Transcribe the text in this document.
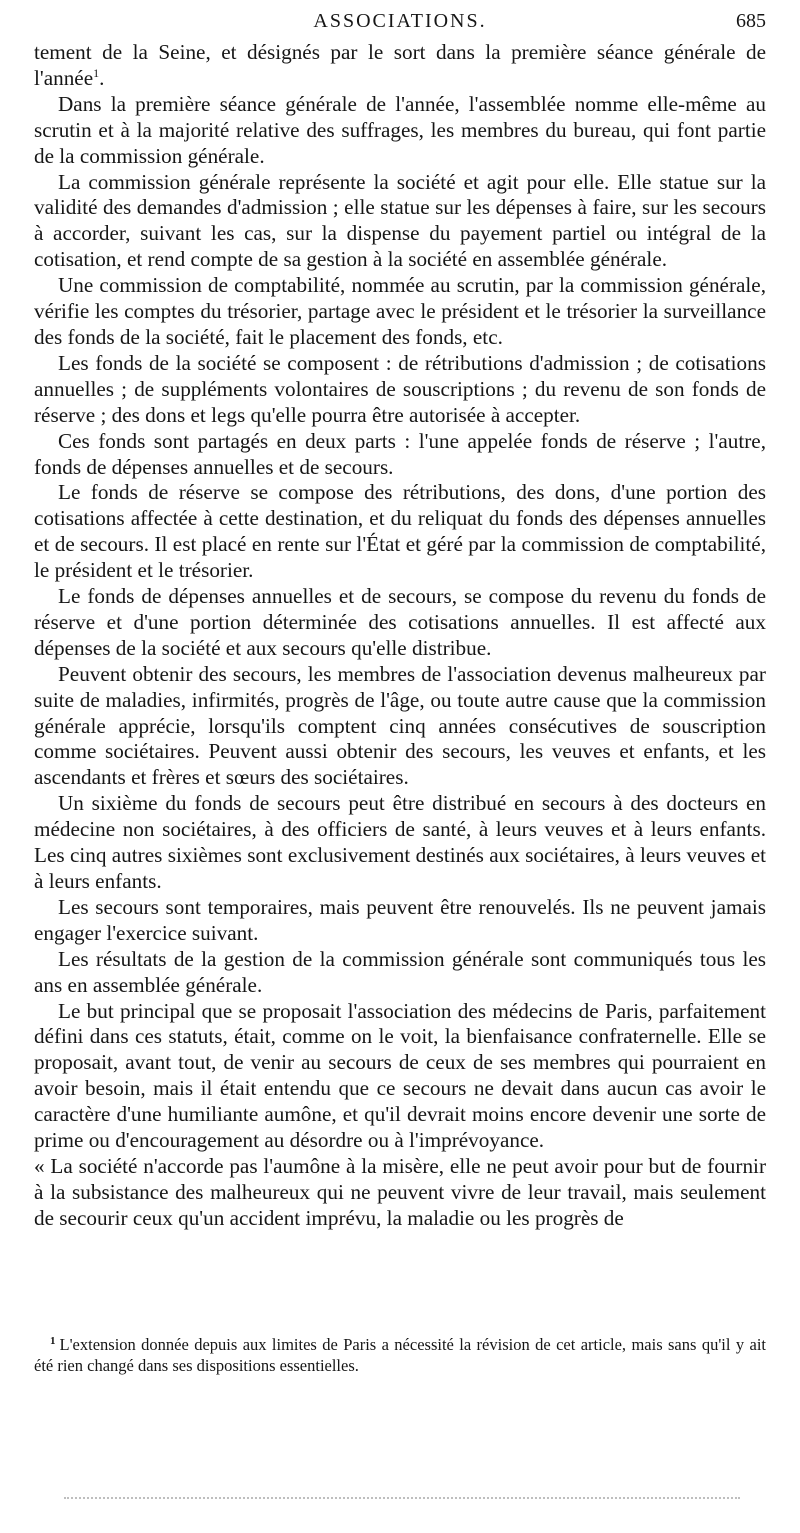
ASSOCIATIONS.	685

tement de la Seine, et désignés par le sort dans la première séance générale de l'année$^1$.

Dans la première séance générale de l'année, l'assemblée nomme elle-même au scrutin et à la majorité relative des suffrages, les membres du bureau, qui font partie de la commission générale.

La commission générale représente la société et agit pour elle. Elle statue sur la validité des demandes d'admission ; elle statue sur les dépenses à faire, sur les secours à accorder, suivant les cas, sur la dispense du payement partiel ou intégral de la cotisation, et rend compte de sa gestion à la société en assemblée générale.

Une commission de comptabilité, nommée au scrutin, par la commission générale, vérifie les comptes du trésorier, partage avec le président et le trésorier la surveillance des fonds de la société, fait le placement des fonds, etc.

Les fonds de la société se composent : de rétributions d'admission ; de cotisations annuelles ; de suppléments volontaires de souscriptions ; du revenu de son fonds de réserve ; des dons et legs qu'elle pourra être autorisée à accepter.

Ces fonds sont partagés en deux parts : l'une appelée fonds de réserve ; l'autre, fonds de dépenses annuelles et de secours.

Le fonds de réserve se compose des rétributions, des dons, d'une portion des cotisations affectée à cette destination, et du reliquat du fonds des dépenses annuelles et de secours. Il est placé en rente sur l'État et géré par la commission de comptabilité, le président et le trésorier.

Le fonds de dépenses annuelles et de secours, se compose du revenu du fonds de réserve et d'une portion déterminée des cotisations annuelles. Il est affecté aux dépenses de la société et aux secours qu'elle distribue.

Peuvent obtenir des secours, les membres de l'association devenus malheureux par suite de maladies, infirmités, progrès de l'âge, ou toute autre cause que la commission générale apprécie, lorsqu'ils comptent cinq années consécutives de souscription comme sociétaires. Peuvent aussi obtenir des secours, les veuves et enfants, et les ascendants et frères et sœurs des sociétaires.

Un sixième du fonds de secours peut être distribué en secours à des docteurs en médecine non sociétaires, à des officiers de santé, à leurs veuves et à leurs enfants. Les cinq autres sixièmes sont exclusivement destinés aux sociétaires, à leurs veuves et à leurs enfants.

Les secours sont temporaires, mais peuvent être renouvelés. Ils ne peuvent jamais engager l'exercice suivant.

Les résultats de la gestion de la commission générale sont communiqués tous les ans en assemblée générale.

Le but principal que se proposait l'association des médecins de Paris, parfaitement défini dans ces statuts, était, comme on le voit, la bienfaisance confraternelle. Elle se proposait, avant tout, de venir au secours de ceux de ses membres qui pourraient en avoir besoin, mais il était entendu que ce secours ne devait dans aucun cas avoir le caractère d'une humiliante aumône, et qu'il devrait moins encore devenir une sorte de prime ou d'encouragement au désordre ou à l'imprévoyance.

« La société n'accorde pas l'aumône à la misère, elle ne peut avoir pour but de fournir à la subsistance des malheureux qui ne peuvent vivre de leur travail, mais seulement de secourir ceux qu'un accident imprévu, la maladie ou les progrès de

$^1$ L'extension donnée depuis aux limites de Paris a nécessité la révision de cet article, mais sans qu'il y ait été rien changé dans ses dispositions essentielles.
